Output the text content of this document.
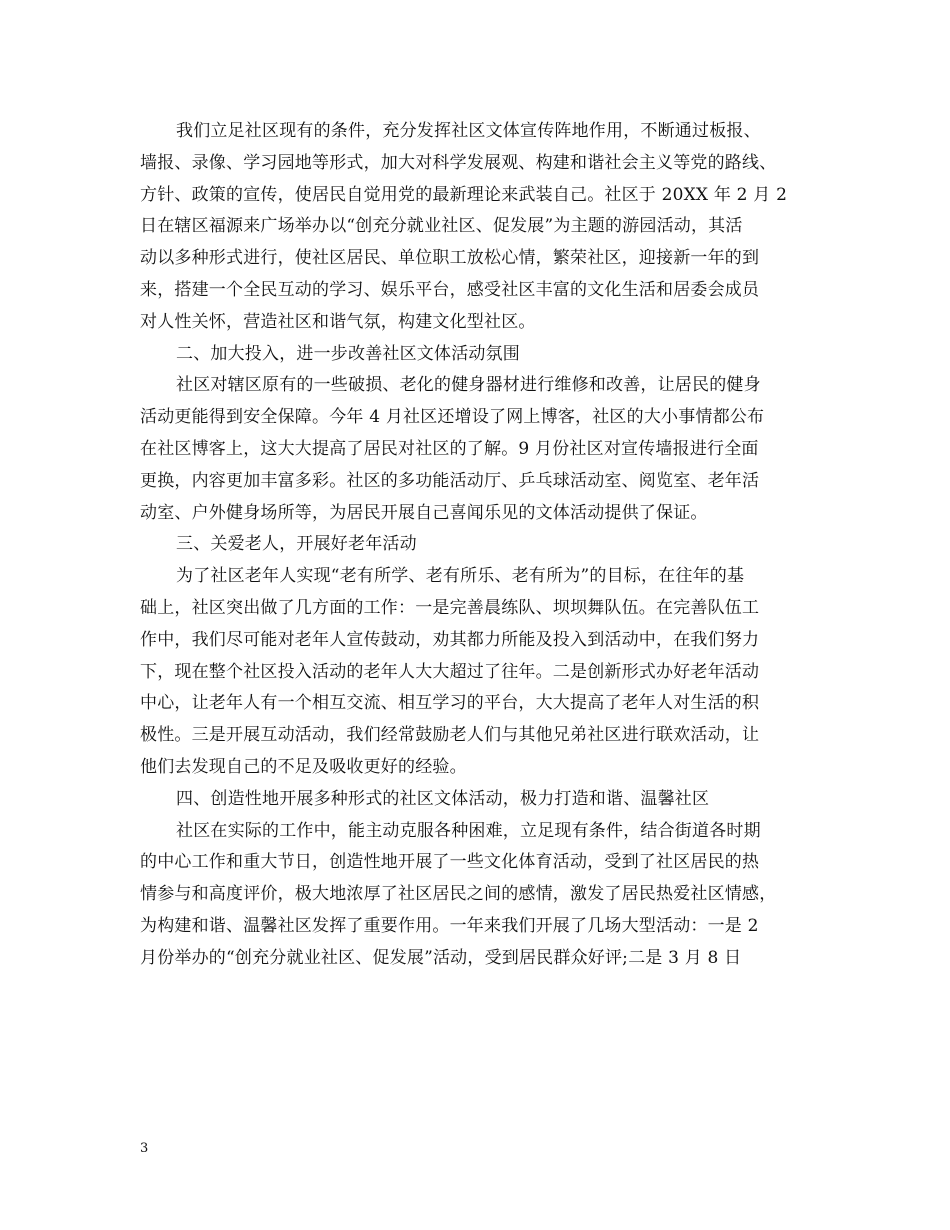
我们立足社区现有的条件，充分发挥社区文体宣传阵地作用，不断通过板报、
墙报、录像、学习园地等形式，加大对科学发展观、构建和谐社会主义等党的路线、
方针、政策的宣传，使居民自觉用党的最新理论来武装自己。社区于 20XX 年 2 月 2
日在辖区福源来广场举办以“创充分就业社区、促发展”为主题的游园活动，其活
动以多种形式进行，使社区居民、单位职工放松心情，繁荣社区，迎接新一年的到
来，搭建一个全民互动的学习、娱乐平台，感受社区丰富的文化生活和居委会成员
对人性关怀，营造社区和谐气氛，构建文化型社区。
二、加大投入，进一步改善社区文体活动氛围
社区对辖区原有的一些破损、老化的健身器材进行维修和改善，让居民的健身
活动更能得到安全保障。今年 4 月社区还增设了网上博客，社区的大小事情都公布
在社区博客上，这大大提高了居民对社区的了解。9 月份社区对宣传墙报进行全面
更换，内容更加丰富多彩。社区的多功能活动厅、乒乓球活动室、阅览室、老年活
动室、户外健身场所等，为居民开展自己喜闻乐见的文体活动提供了保证。
三、关爱老人，开展好老年活动
为了社区老年人实现“老有所学、老有所乐、老有所为”的目标，在往年的基
础上，社区突出做了几方面的工作：一是完善晨练队、坝坝舞队伍。在完善队伍工
作中，我们尽可能对老年人宣传鼓动，劝其都力所能及投入到活动中，在我们努力
下，现在整个社区投入活动的老年人大大超过了往年。二是创新形式办好老年活动
中心，让老年人有一个相互交流、相互学习的平台，大大提高了老年人对生活的积
极性。三是开展互动活动，我们经常鼓励老人们与其他兄弟社区进行联欢活动，让
他们去发现自己的不足及吸收更好的经验。
四、创造性地开展多种形式的社区文体活动，极力打造和谐、温馨社区
社区在实际的工作中，能主动克服各种困难，立足现有条件，结合街道各时期
的中心工作和重大节日，创造性地开展了一些文化体育活动，受到了社区居民的热
情参与和高度评价，极大地浓厚了社区居民之间的感情，激发了居民热爱社区情感，
为构建和谐、温馨社区发挥了重要作用。一年来我们开展了几场大型活动：一是 2
月份举办的“创充分就业社区、促发展”活动，受到居民群众好评;二是 3 月 8 日
3
